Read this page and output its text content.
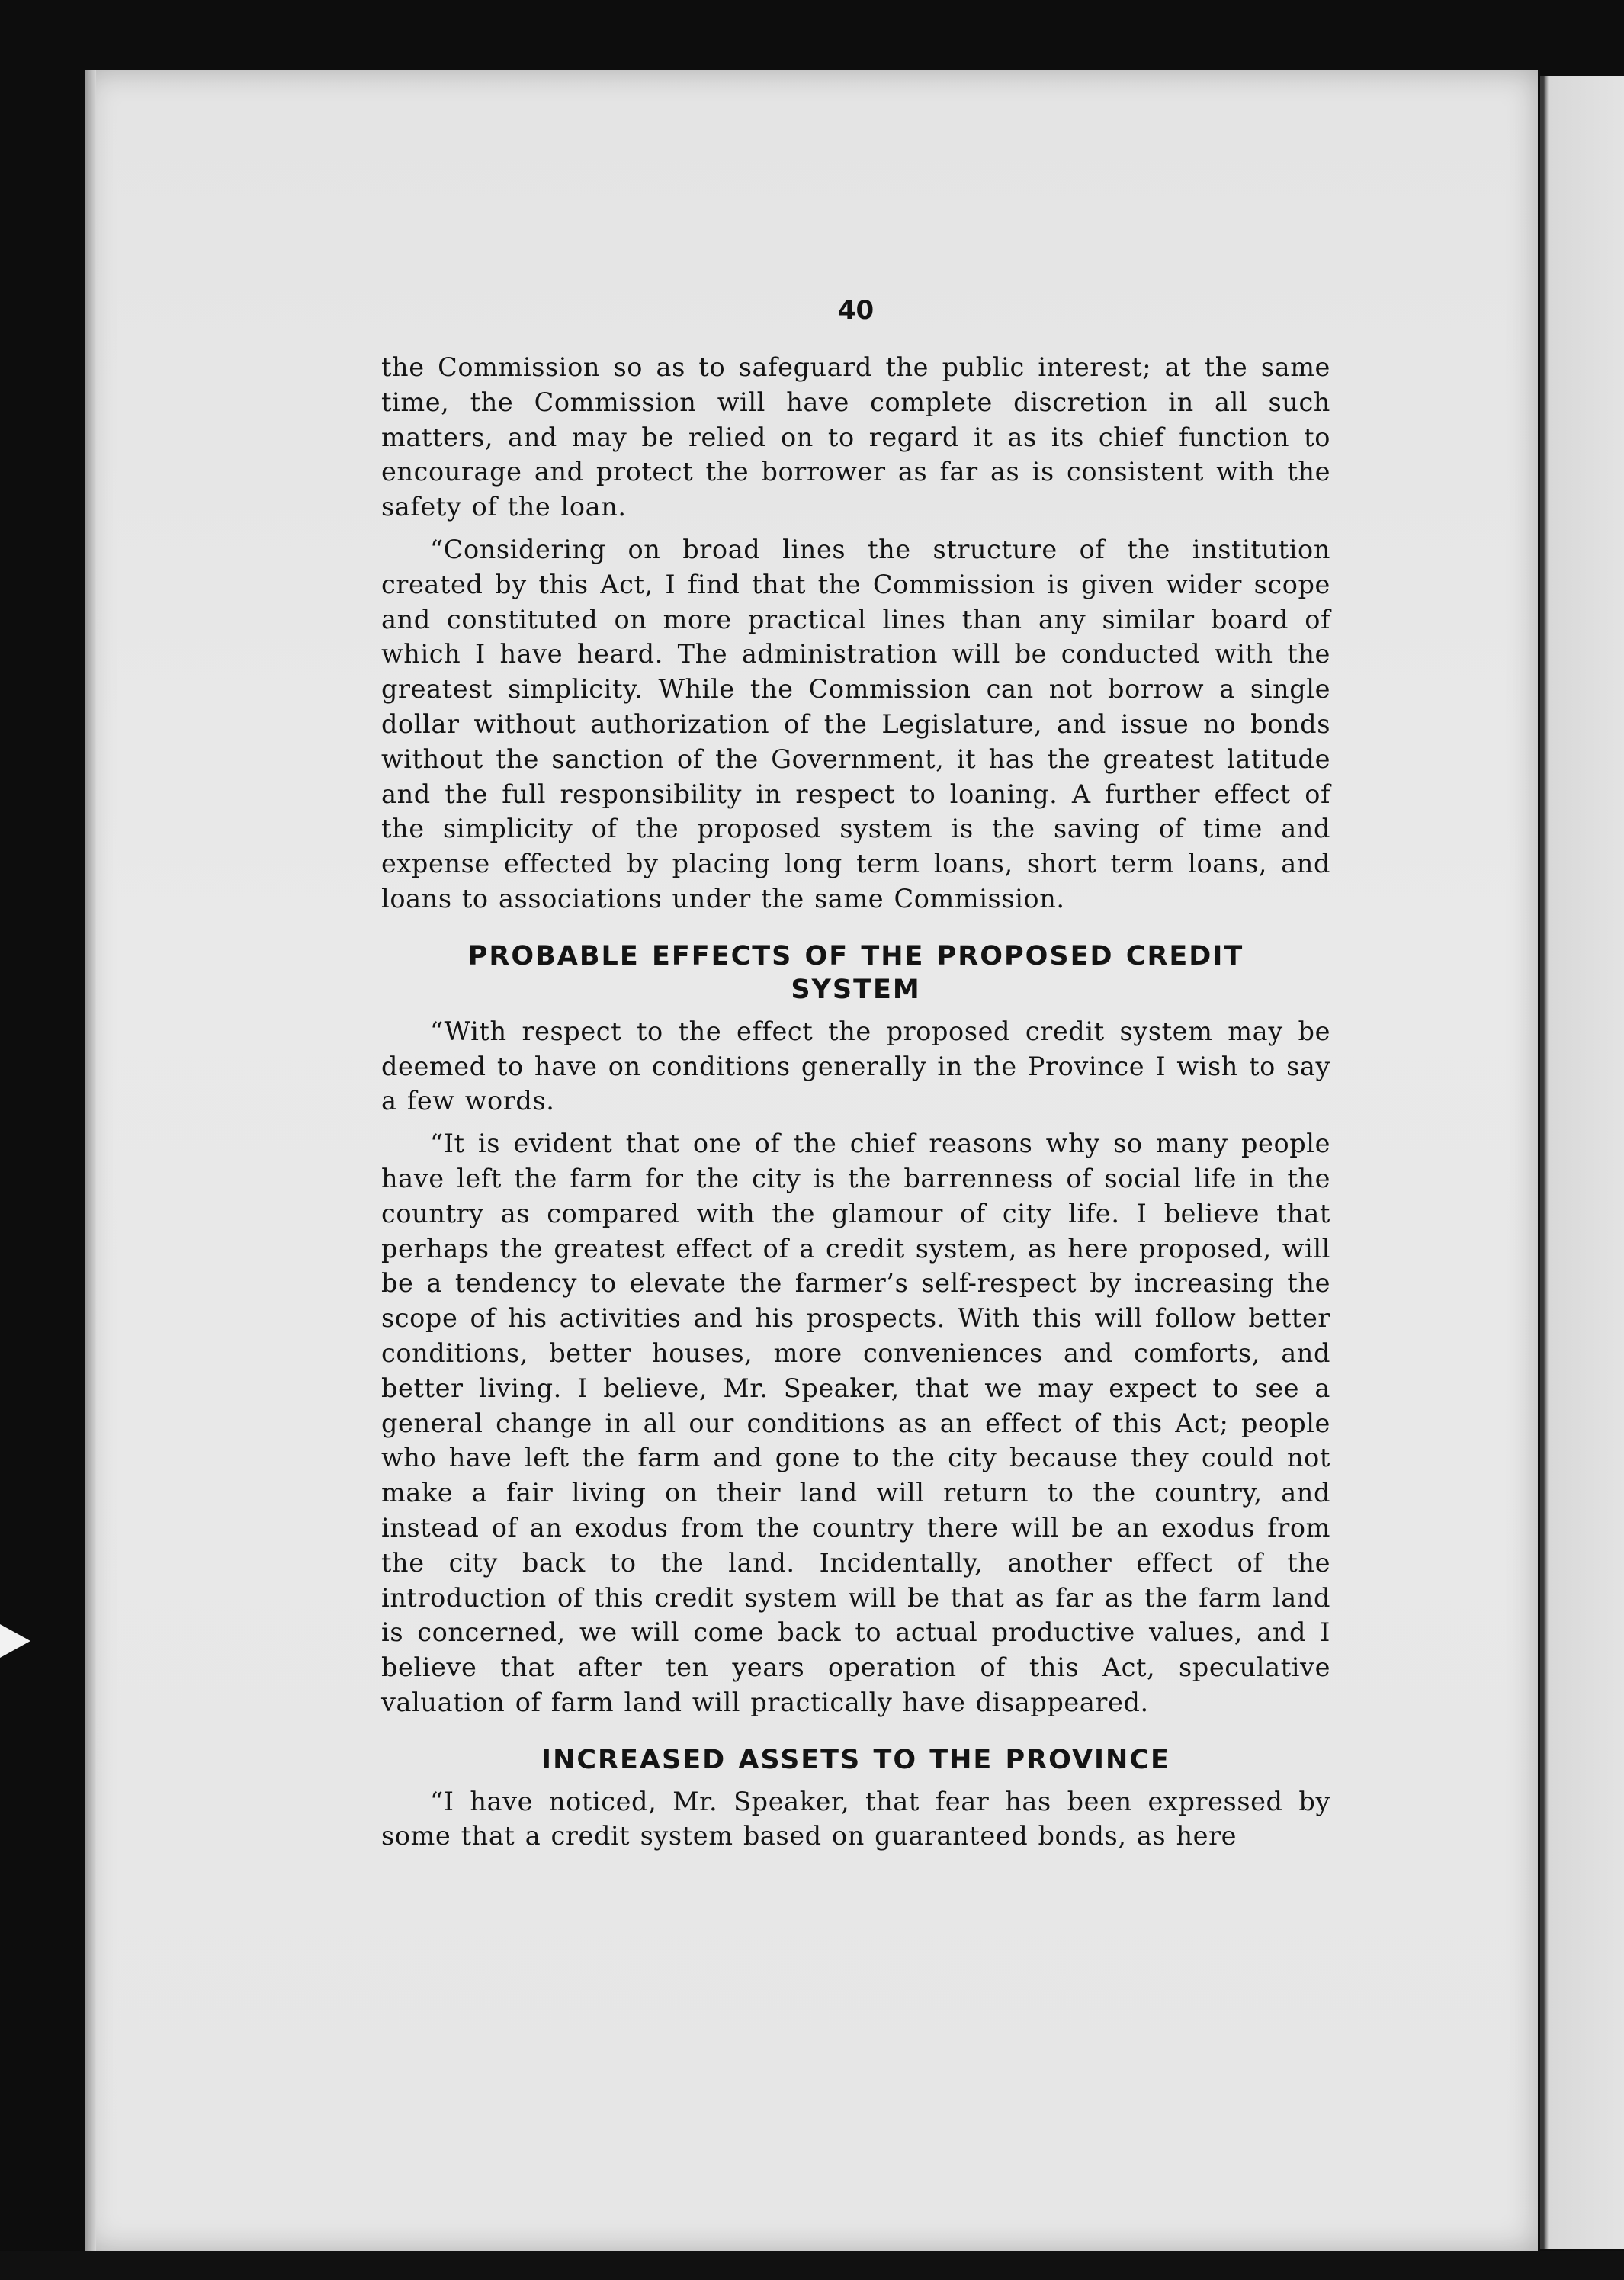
40

the Commission so as to safeguard the public interest; at the same time, the Commission will have complete discretion in all such matters, and may be relied on to regard it as its chief function to encourage and protect the borrower as far as is consistent with the safety of the loan.

“Considering on broad lines the structure of the institution created by this Act, I find that the Commission is given wider scope and constituted on more practical lines than any similar board of which I have heard. The administration will be conducted with the greatest simplicity. While the Commission can not borrow a single dollar without authorization of the Legislature, and issue no bonds without the sanction of the Government, it has the greatest latitude and the full responsibility in respect to loaning. A further effect of the simplicity of the proposed system is the saving of time and expense effected by placing long term loans, short term loans, and loans to associations under the same Commission.

PROBABLE EFFECTS OF THE PROPOSED CREDIT
SYSTEM

“With respect to the effect the proposed credit system may be deemed to have on conditions generally in the Province I wish to say a few words.

“It is evident that one of the chief reasons why so many people have left the farm for the city is the barrenness of social life in the country as compared with the glamour of city life. I believe that perhaps the greatest effect of a credit system, as here proposed, will be a tendency to elevate the farmer’s self-respect by increasing the scope of his activities and his prospects. With this will follow better conditions, better houses, more conveniences and comforts, and better living. I believe, Mr. Speaker, that we may expect to see a general change in all our conditions as an effect of this Act; people who have left the farm and gone to the city because they could not make a fair living on their land will return to the country, and instead of an exodus from the country there will be an exodus from the city back to the land. Incidentally, another effect of the introduction of this credit system will be that as far as the farm land is concerned, we will come back to actual productive values, and I believe that after ten years operation of this Act, speculative valuation of farm land will practically have disappeared.

INCREASED ASSETS TO THE PROVINCE

“I have noticed, Mr. Speaker, that fear has been expressed by some that a credit system based on guaranteed bonds, as here
